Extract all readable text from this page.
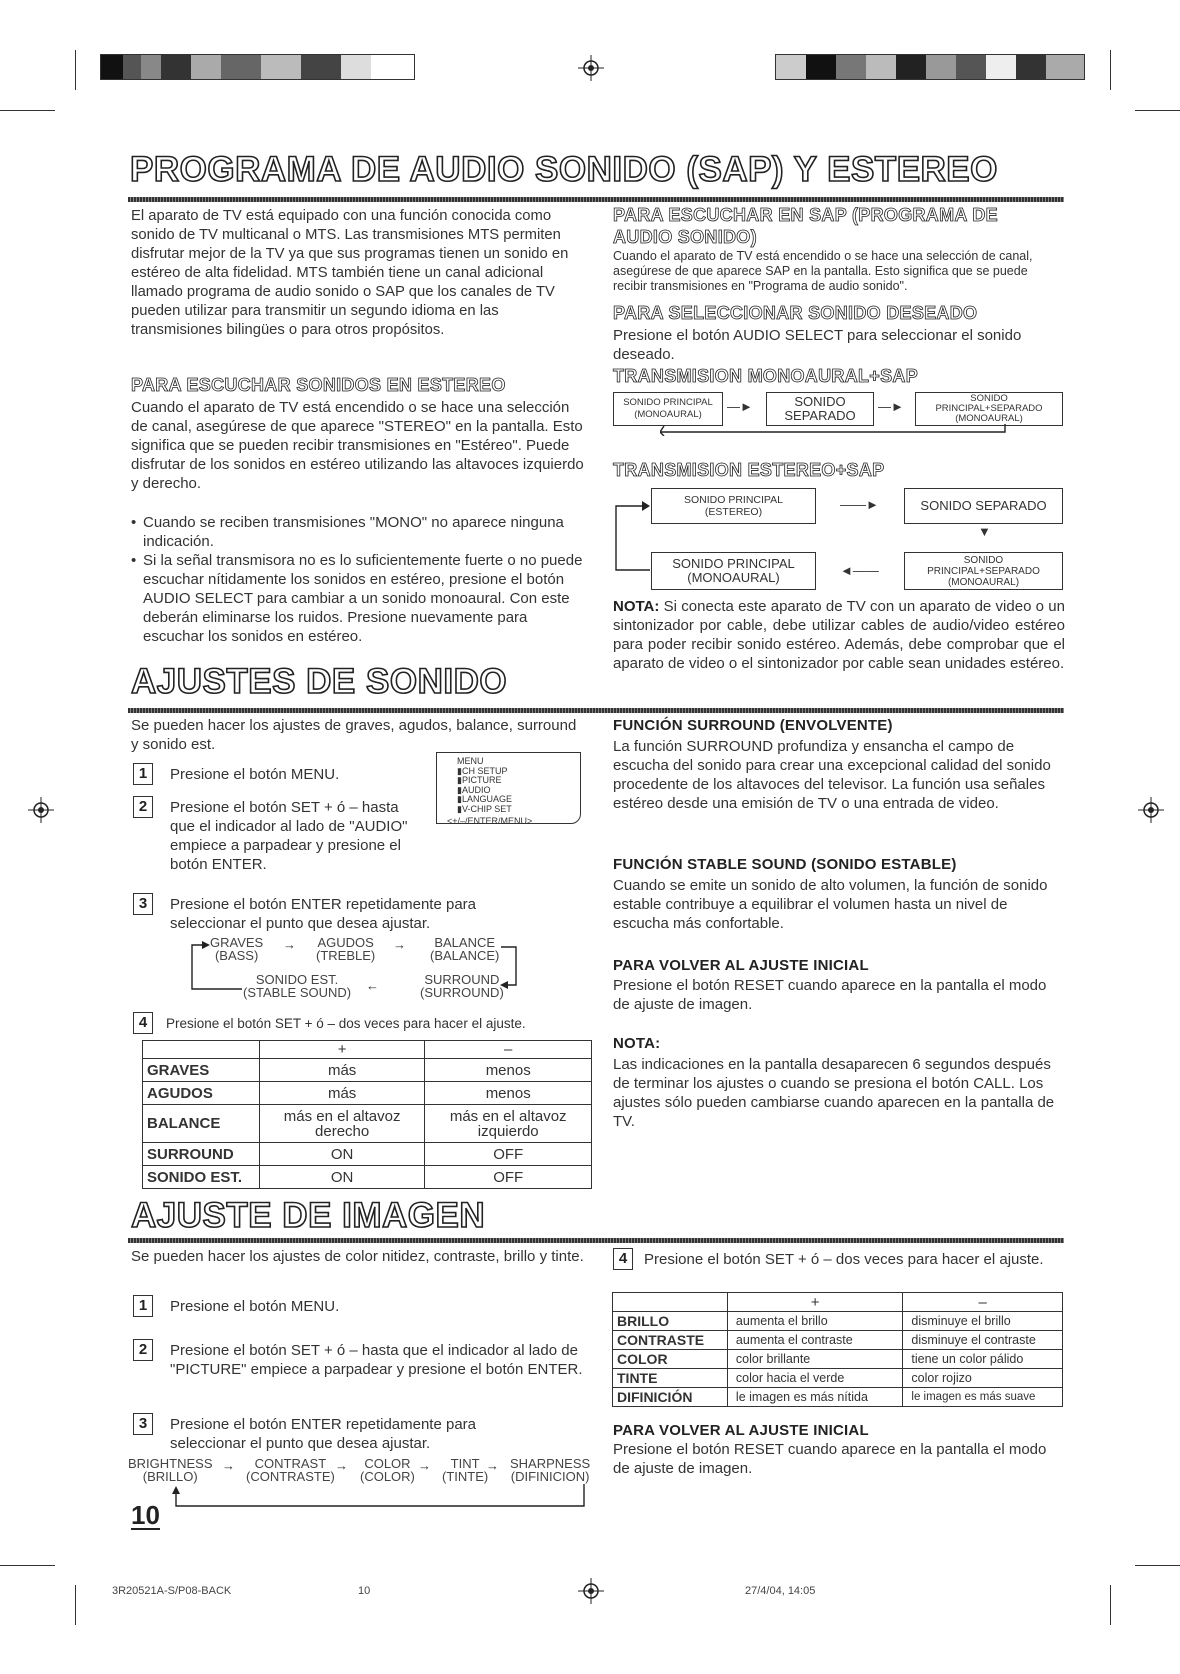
PROGRAMA DE AUDIO SONIDO (SAP) Y ESTEREO
El aparato de TV está equipado con una función conocida como sonido de TV multicanal o MTS. Las transmisiones MTS permiten disfrutar mejor de la TV ya que sus programas tienen un sonido en estéreo de alta fidelidad. MTS también tiene un canal adicional llamado programa de audio sonido o SAP que los canales de TV pueden utilizar para transmitir un segundo idioma en las transmisiones bilingües o para otros propósitos.
PARA ESCUCHAR SONIDOS EN ESTEREO
Cuando el aparato de TV está encendido o se hace una selección de canal, asegúrese de que aparece "STEREO" en la pantalla. Esto significa que se pueden recibir transmisiones en "Estéreo". Puede disfrutar de los sonidos en estéreo utilizando las altavoces izquierdo y derecho.
• Cuando se reciben transmisiones "MONO" no aparece ninguna indicación.
• Si la señal transmisora no es lo suficientemente fuerte o no puede escuchar nítidamente los sonidos en estéreo, presione el botón AUDIO SELECT para cambiar a un sonido monoaural. Con este deberán eliminarse los ruidos. Presione nuevamente para escuchar los sonidos en estéreo.
PARA ESCUCHAR EN SAP (PROGRAMA DE
AUDIO SONIDO)
Cuando el aparato de TV está encendido o se hace una selección de canal, asegúrese de que aparece SAP en la pantalla. Esto significa que se puede recibir transmisiones en "Programa de audio sonido".
PARA SELECCIONAR SONIDO DESEADO
Presione el botón AUDIO SELECT para seleccionar el sonido deseado.
TRANSMISION MONOAURAL+SAP
SONIDO PRINCIPAL
(MONOAURAL)
—►	SONIDO
SEPARADO
—►
SONIDO
PRINCIPAL+SEPARADO
(MONOAURAL)
TRANSMISION ESTEREO+SAP
SONIDO PRINCIPAL
(ESTEREO)	——►	SONIDO SEPARADO
▼
SONIDO
PRINCIPAL+SEPARADO
(MONOAURAL)
◄——
SONIDO PRINCIPAL
(MONOAURAL)
NOTA: Si conecta este aparato de TV con un aparato de video o un sintonizador por cable, debe utilizar cables de audio/video estéreo para poder recibir sonido estéreo. Además, debe comprobar que el aparato de video o el sintonizador por cable sean unidades estéreo.
AJUSTES DE SONIDO
Se pueden hacer los ajustes de graves, agudos, balance, surround y sonido est.
1	Presione el botón MENU.
2	Presione el botón SET + ó – hasta que el indicador al lado de "AUDIO" empiece a parpadear y presione el botón ENTER.
MENU
▮CH SETUP
▮PICTURE
▮AUDIO
▮LANGUAGE
▮V-CHIP SET
<+/–/ENTER/MENU>
3	Presione el botón ENTER repetidamente para seleccionar el punto que desea ajustar.
GRAVES
(BASS)
→ AGUDOS
(TREBLE)
→	BALANCE
(BALANCE)
SURROUND
(SURROUND)
←
SONIDO EST.
(STABLE SOUND)
4	Presione el botón SET + ó – dos veces para hacer el ajuste.
	+	–
GRAVES	más	menos
AGUDOS	más	menos
BALANCE	más en el altavoz derecho	más en el altavoz izquierdo
SURROUND	ON	OFF
SONIDO EST.	ON	OFF
FUNCIÓN SURROUND (ENVOLVENTE)
La función SURROUND profundiza y ensancha el campo de escucha del sonido para crear una excepcional calidad del sonido procedente de los altavoces del televisor. La función usa señales estéreo desde una emisión de TV o una entrada de video.
FUNCIÓN STABLE SOUND (SONIDO ESTABLE)
Cuando se emite un sonido de alto volumen, la función de sonido estable contribuye a equilibrar el volumen hasta un nivel de escucha más confortable.
PARA VOLVER AL AJUSTE INICIAL
Presione el botón RESET cuando aparece en la pantalla el modo de ajuste de imagen.
NOTA:
Las indicaciones en la pantalla desaparecen 6 segundos después de terminar los ajustes o cuando se presiona el botón CALL. Los ajustes sólo pueden cambiarse cuando aparecen en la pantalla de TV.
AJUSTE DE IMAGEN
Se pueden hacer los ajustes de color nitidez, contraste, brillo y tinte.
1	Presione el botón MENU.
2	Presione el botón SET + ó – hasta que el indicador al lado de "PICTURE" empiece a parpadear y presione el botón ENTER.
3	Presione el botón ENTER repetidamente para seleccionar el punto que desea ajustar.
BRIGHTNESS
(BRILLO)
→	CONTRAST
(CONTRASTE)
→	COLOR
(COLOR)
→	TINT
(TINTE)
→ SHARPNESS
(DIFINICION)
10
4	Presione el botón SET + ó – dos veces para hacer el ajuste.
	+	–
BRILLO	aumenta el brillo	disminuye el brillo
CONTRASTE	aumenta el contraste	disminuye el contraste
COLOR	color brillante	tiene un color pálido
TINTE	color hacia el verde	color rojizo
DIFINICIÓN	le imagen es más nítida	le imagen es más suave
PARA VOLVER AL AJUSTE INICIAL
Presione el botón RESET cuando aparece en la pantalla el modo de ajuste de imagen.
3R20521A-S/P08-BACK	10	27/4/04, 14:05
